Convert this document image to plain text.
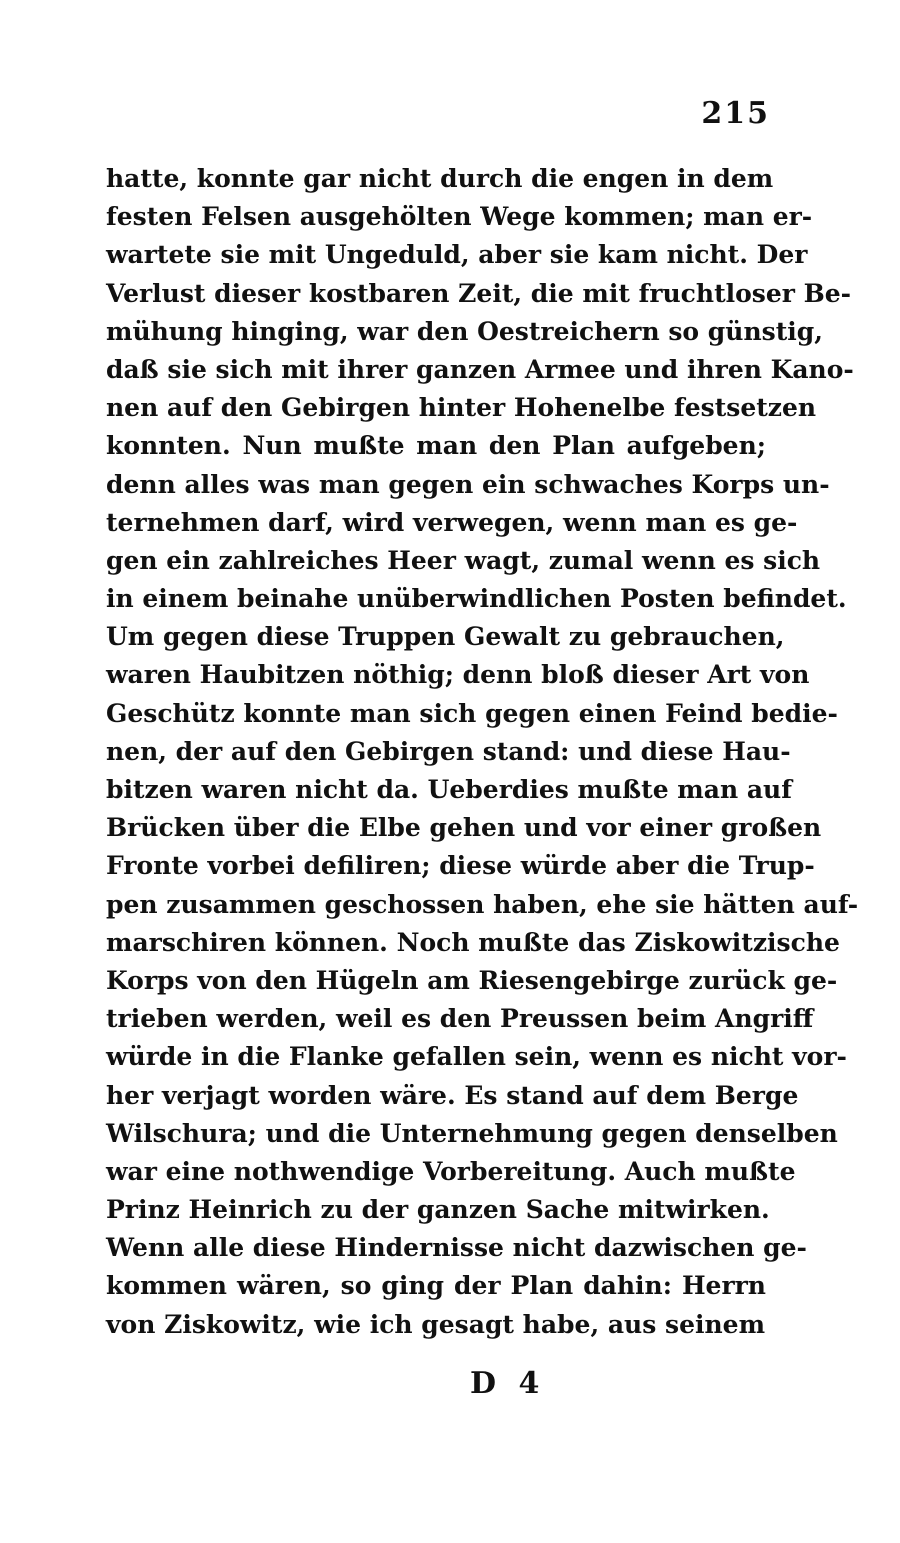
215
hatte, konnte gar nicht durch die engen in dem
festen Felsen ausgehölten Wege kommen; man er-
wartete sie mit Ungeduld, aber sie kam nicht. Der
Verlust dieser kostbaren Zeit, die mit fruchtloser Be-
mühung hinging, war den Oestreichern so günstig,
daß sie sich mit ihrer ganzen Armee und ihren Kano-
nen auf den Gebirgen hinter Hohenelbe festsetzen
konnten. Nun mußte man den Plan aufgeben;
denn alles was man gegen ein schwaches Korps un-
ternehmen darf, wird verwegen, wenn man es ge-
gen ein zahlreiches Heer wagt, zumal wenn es sich
in einem beinahe unüberwindlichen Posten befindet.
Um gegen diese Truppen Gewalt zu gebrauchen,
waren Haubitzen nöthig; denn bloß dieser Art von
Geschütz konnte man sich gegen einen Feind bedie-
nen, der auf den Gebirgen stand: und diese Hau-
bitzen waren nicht da. Ueberdies mußte man auf
Brücken über die Elbe gehen und vor einer großen
Fronte vorbei defiliren; diese würde aber die Trup-
pen zusammen geschossen haben, ehe sie hätten auf-
marschiren können. Noch mußte das Ziskowitzische
Korps von den Hügeln am Riesengebirge zurück ge-
trieben werden, weil es den Preussen beim Angriff
würde in die Flanke gefallen sein, wenn es nicht vor-
her verjagt worden wäre. Es stand auf dem Berge
Wilschura; und die Unternehmung gegen denselben
war eine nothwendige Vorbereitung. Auch mußte
Prinz Heinrich zu der ganzen Sache mitwirken.
Wenn alle diese Hindernisse nicht dazwischen ge-
kommen wären, so ging der Plan dahin: Herrn
von Ziskowitz, wie ich gesagt habe, aus seinem
D 4
